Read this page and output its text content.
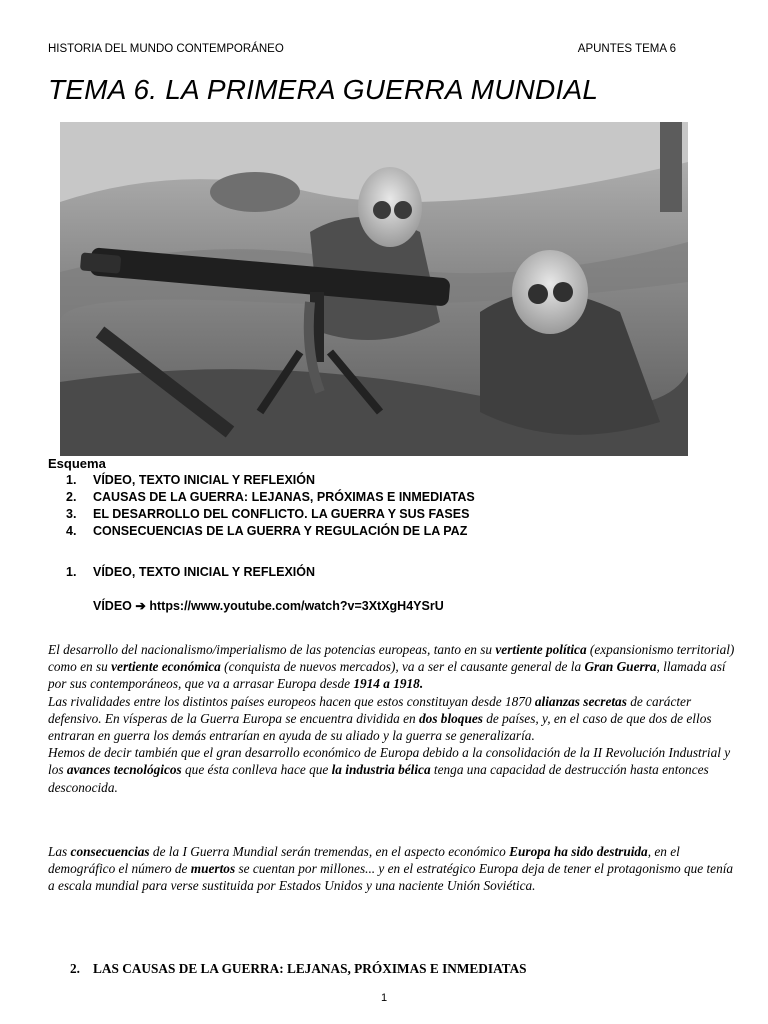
HISTORIA DEL MUNDO CONTEMPORÁNEO	APUNTES TEMA 6
TEMA 6. LA PRIMERA GUERRA MUNDIAL
Esquema
1. VÍDEO, TEXTO INICIAL Y REFLEXIÓN
2. CAUSAS DE LA GUERRA: LEJANAS, PRÓXIMAS E INMEDIATAS
3. EL DESARROLLO DEL CONFLICTO. LA GUERRA Y SUS FASES
4. CONSECUENCIAS DE LA GUERRA Y REGULACIÓN DE LA PAZ
1. VÍDEO, TEXTO INICIAL Y REFLEXIÓN
VÍDEO ➔ https://www.youtube.com/watch?v=3XtXgH4YSrU

El desarrollo del nacionalismo/imperialismo de las potencias europeas, tanto en su vertiente política (expansionismo territorial) como en su vertiente económica (conquista de nuevos mercados), va a ser el causante general de la Gran Guerra, llamada así por sus contemporáneos, que va a arrasar Europa desde 1914 a 1918.
Las rivalidades entre los distintos países europeos hacen que estos constituyan desde 1870 alianzas secretas de carácter defensivo. En vísperas de la Guerra Europa se encuentra dividida en dos bloques de países, y, en el caso de que dos de ellos entraran en guerra los demás entrarían en ayuda de su aliado y la guerra se generalizaría.
Hemos de decir también que el gran desarrollo económico de Europa debido a la consolidación de la II Revolución Industrial y los avances tecnológicos que ésta conlleva hace que la industria bélica tenga una capacidad de destrucción hasta entonces desconocida.

Las consecuencias de la I Guerra Mundial serán tremendas, en el aspecto económico Europa ha sido destruida, en el demográfico el número de muertos se cuentan por millones... y en el estratégico Europa deja de tener el protagonismo que tenía a escala mundial para verse sustituida por Estados Unidos y una naciente Unión Soviética.

2. LAS CAUSAS DE LA GUERRA: LEJANAS, PRÓXIMAS E INMEDIATAS
1
